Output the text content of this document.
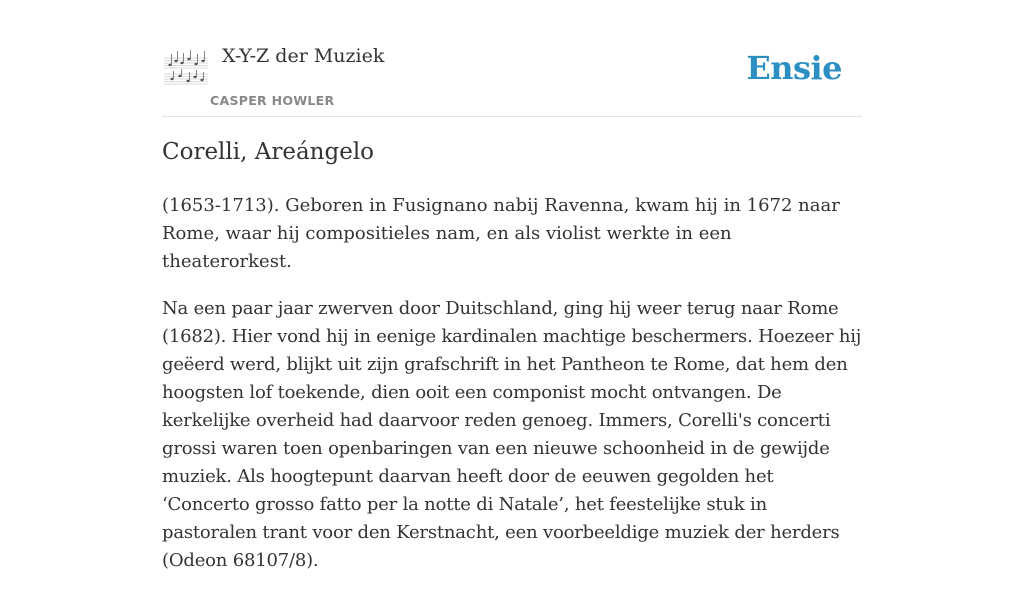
X-Y-Z der Muziek
CASPER HOWLER
Ensie
Corelli, Areángelo

(1653-1713). Geboren in Fusignano nabij Ravenna, kwam hij in 1672 naar Rome, waar hij compositieles nam, en als violist werkte in een theaterorkest.

Na een paar jaar zwerven door Duitschland, ging hij weer terug naar Rome (1682). Hier vond hij in eenige kardinalen machtige beschermers. Hoezeer hij geëerd werd, blijkt uit zijn grafschrift in het Pantheon te Rome, dat hem den hoogsten lof toekende, dien ooit een componist mocht ontvangen. De kerkelijke overheid had daarvoor reden genoeg. Immers, Corelli's concerti grossi waren toen openbaringen van een nieuwe schoonheid in de gewijde muziek. Als hoogtepunt daarvan heeft door de eeuwen gegolden het ‘Concerto grosso fatto per la notte di Natale’, het feestelijke stuk in pastoralen trant voor den Kerstnacht, een voorbeeldige muziek der herders (Odeon 68107/8).
